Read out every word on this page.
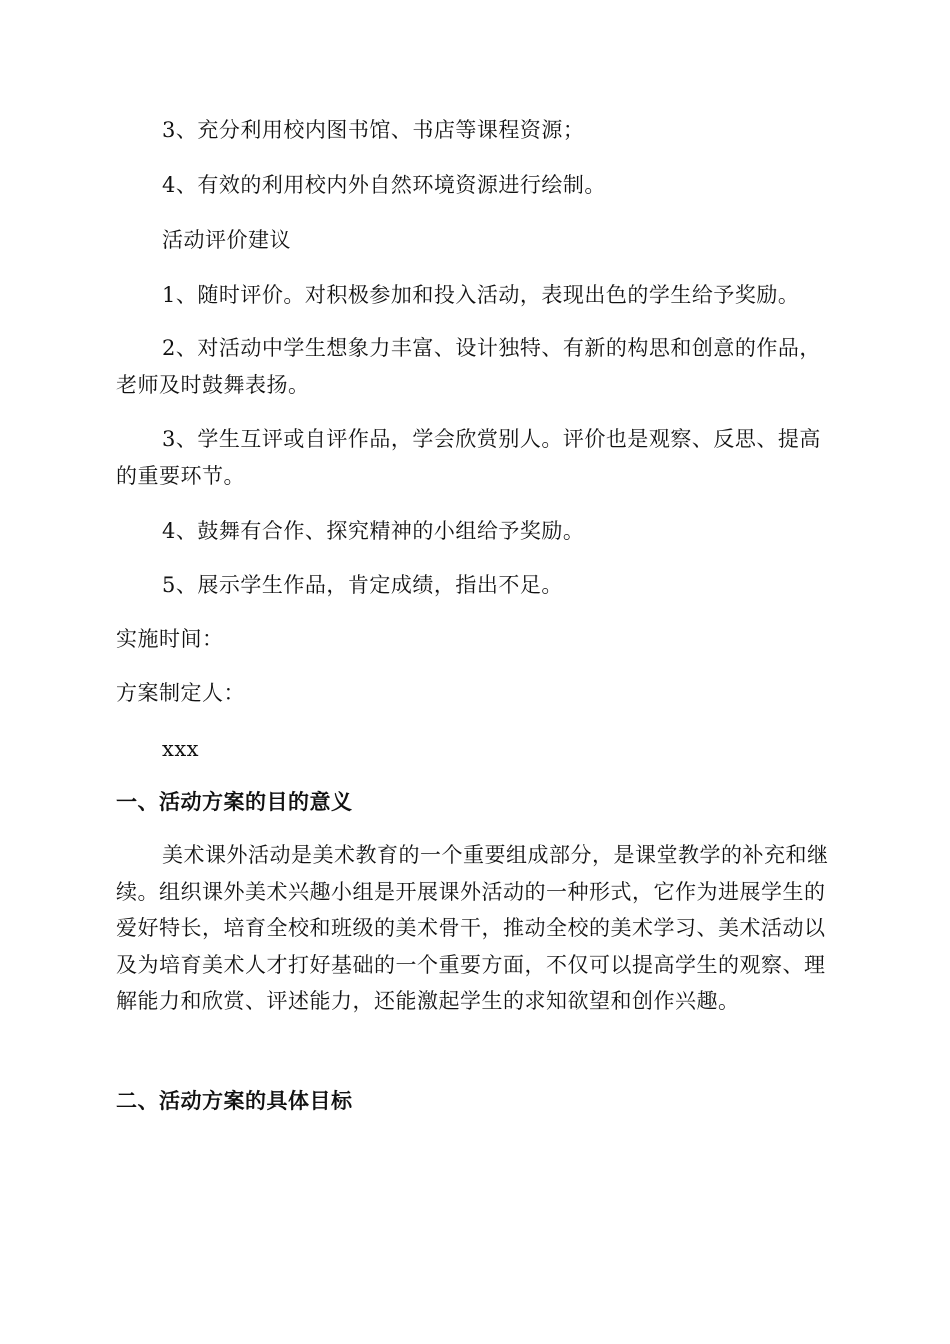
3、充分利用校内图书馆、书店等课程资源；
4、有效的利用校内外自然环境资源进行绘制。
活动评价建议
1、随时评价。对积极参加和投入活动，表现出色的学生给予奖励。
2、对活动中学生想象力丰富、设计独特、有新的构思和创意的作品，老师及时鼓舞表扬。
3、学生互评或自评作品，学会欣赏别人。评价也是观察、反思、提高的重要环节。
4、鼓舞有合作、探究精神的小组给予奖励。
5、展示学生作品，肯定成绩，指出不足。
实施时间：
方案制定人：
xxx
一、活动方案的目的意义
美术课外活动是美术教育的一个重要组成部分，是课堂教学的补充和继续。组织课外美术兴趣小组是开展课外活动的一种形式，它作为进展学生的爱好特长，培育全校和班级的美术骨干，推动全校的美术学习、美术活动以及为培育美术人才打好基础的一个重要方面，不仅可以提高学生的观察、理解能力和欣赏、评述能力，还能激起学生的求知欲望和创作兴趣。
二、活动方案的具体目标
